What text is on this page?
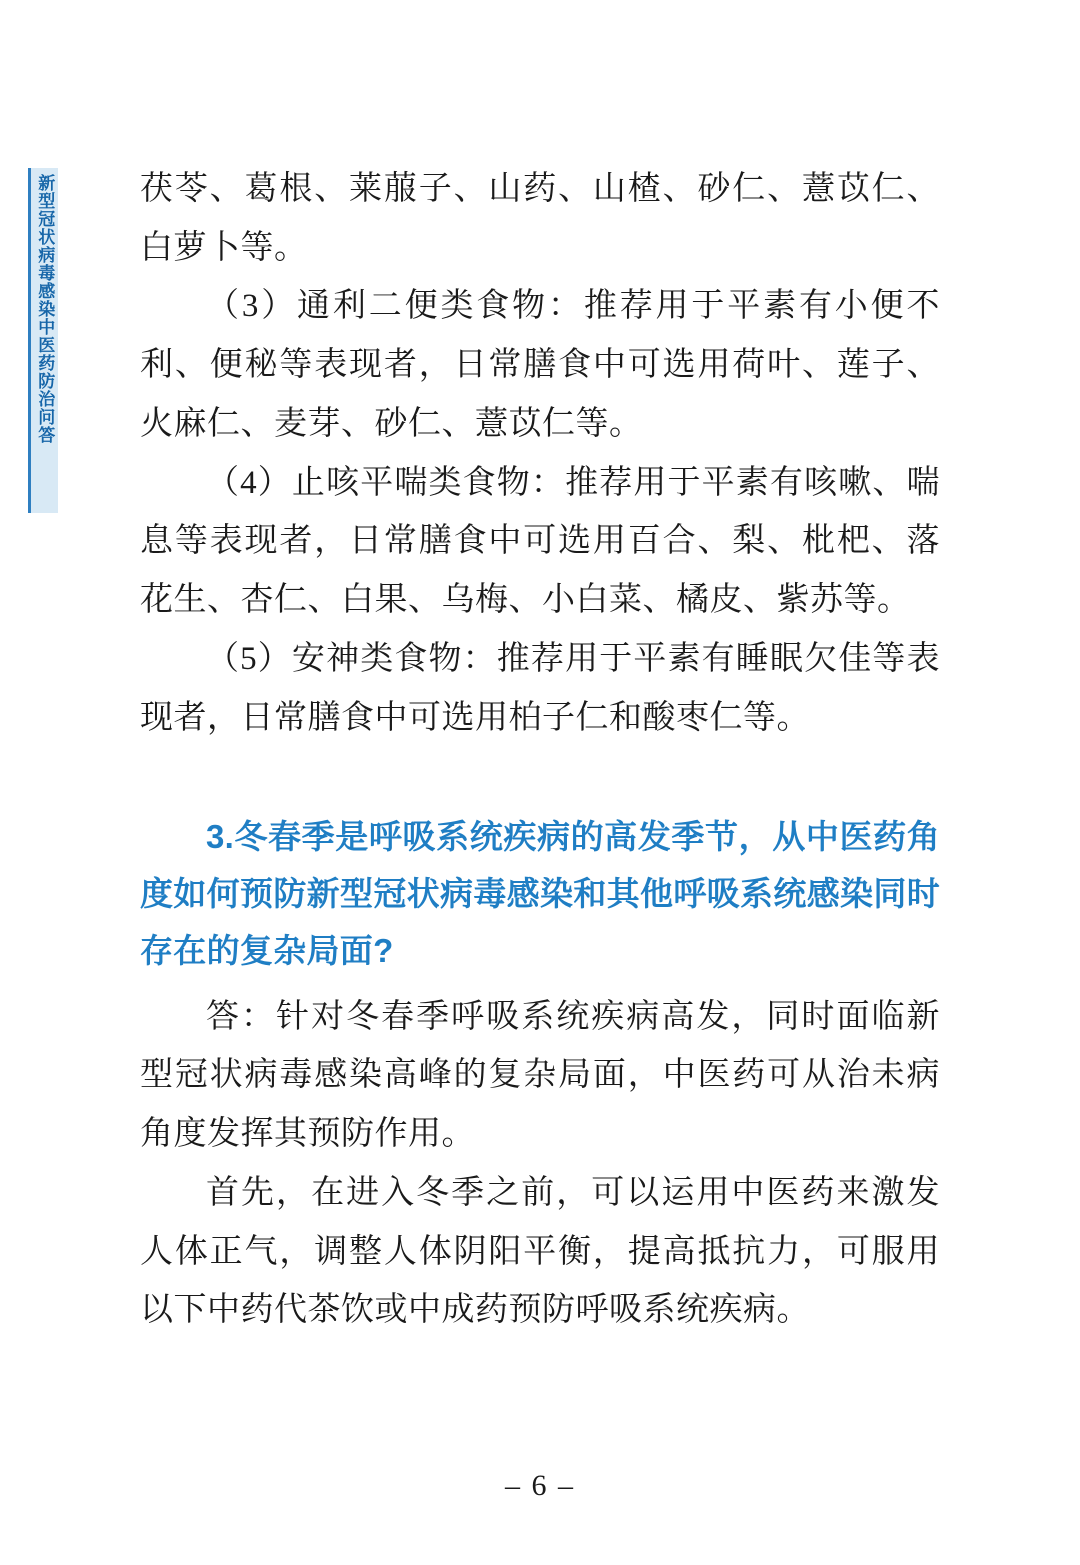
新型冠状病毒感染中医药防治问答	茯苓、葛根、莱菔子、山药、山楂、砂仁、薏苡仁、白萝卜等。

（3）通利二便类食物：推荐用于平素有小便不利、便秘等表现者，日常膳食中可选用荷叶、莲子、火麻仁、麦芽、砂仁、薏苡仁等。

（4）止咳平喘类食物：推荐用于平素有咳嗽、喘息等表现者，日常膳食中可选用百合、梨、枇杷、落花生、杏仁、白果、乌梅、小白菜、橘皮、紫苏等。

（5）安神类食物：推荐用于平素有睡眠欠佳等表现者，日常膳食中可选用柏子仁和酸枣仁等。

3.冬春季是呼吸系统疾病的高发季节，从中医药角度如何预防新型冠状病毒感染和其他呼吸系统感染同时存在的复杂局面?

答：针对冬春季呼吸系统疾病高发，同时面临新型冠状病毒感染高峰的复杂局面，中医药可从治未病角度发挥其预防作用。

首先，在进入冬季之前，可以运用中医药来激发人体正气，调整人体阴阳平衡，提高抵抗力，可服用以下中药代茶饮或中成药预防呼吸系统疾病。

– 6 –
